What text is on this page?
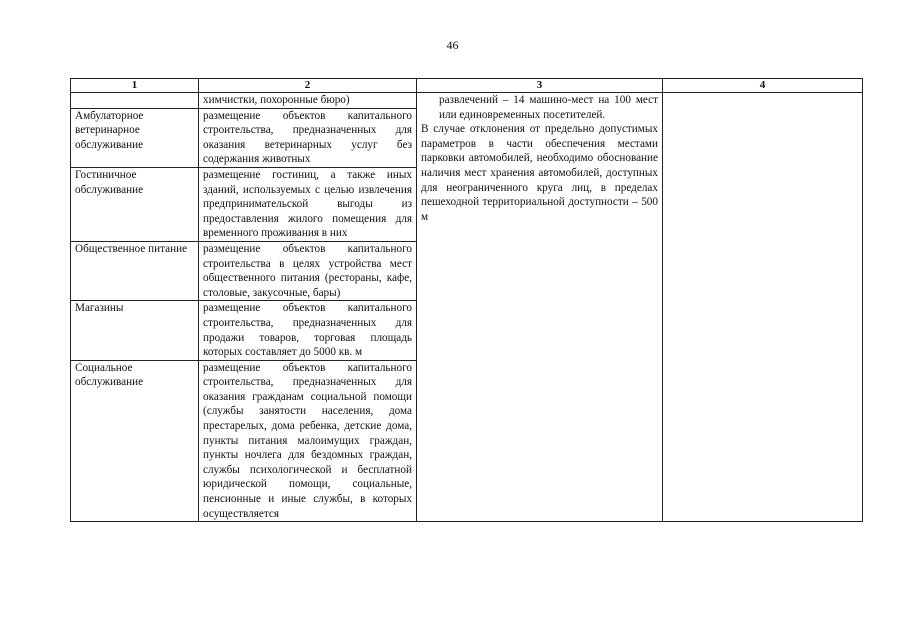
46
1	2	3	4
	химчистки, похоронные бюро)	развлечений – 14 машино-мест на 100 мест или единовременных посетителей.

В случае отклонения от предельно допустимых параметров в части обеспечения местами парковки автомобилей, необходимо обоснование наличия мест хранения автомобилей, доступных для неограниченного круга лиц, в пределах пешеходной территориальной доступности – 500 м	

Амбулаторное ветеринарное обслуживание	размещение объектов капитального строительства, предназначенных для оказания ветеринарных услуг без содержания животных		
Гостиничное обслуживание	размещение гостиниц, а также иных зданий, используемых с целью извлечения предпринимательской выгоды из предоставления жилого помещения для временного проживания в них		
Общественное питание	размещение объектов капитального строительства в целях устройства мест общественного питания (рестораны, кафе, столовые, закусочные, бары)		
Магазины	размещение объектов капитального строительства, предназначенных для продажи товаров, торговая площадь которых составляет до 5000 кв. м		
Социальное обслуживание	размещение объектов капитального строительства, предназначенных для оказания гражданам социальной помощи (службы занятости населения, дома престарелых, дома ребенка, детские дома, пункты питания малоимущих граждан, пункты ночлега для бездомных граждан, службы психологической и бесплатной юридической помощи, социальные, пенсионные и иные службы, в которых осуществляется		
